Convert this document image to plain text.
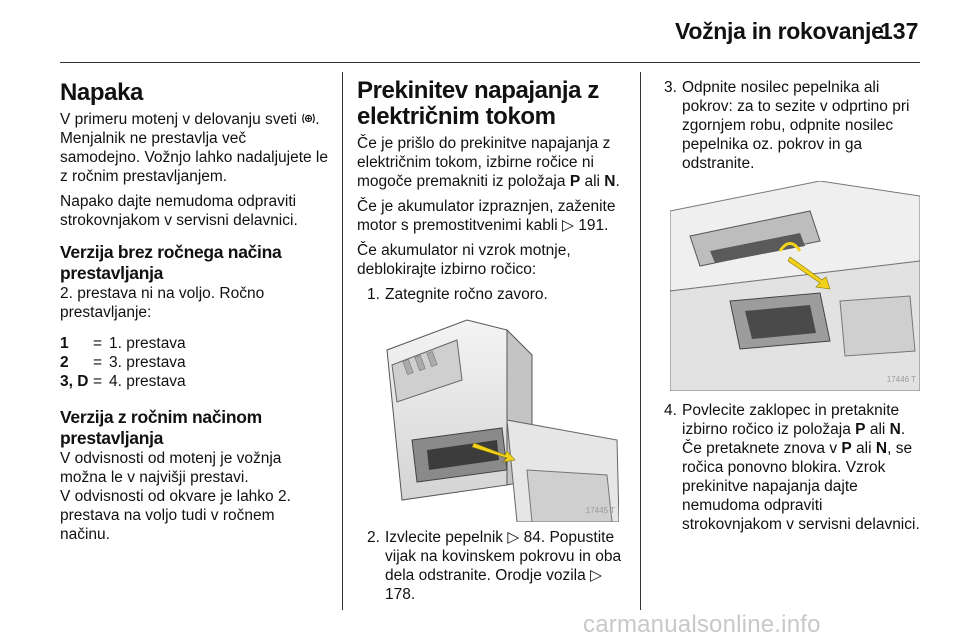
Vožnja in rokovanje
137
Napaka

V primeru motenj v delovanju sveti . Menjalnik ne prestavlja več samodejno. Vožnjo lahko nadaljujete le z ročnim prestavljanjem.

Napako dajte nemudoma odpraviti strokovnjakom v servisni delavnici.

Verzija brez ročnega načina prestavljanja

2. prestava ni na voljo. Ročno prestavljanje:

1	= 1. prestava
2	= 3. prestava
3, D = 4. prestava
Verzija z ročnim načinom prestavljanja

V odvisnosti od motenj je vožnja možna le v najvišji prestavi.

V odvisnosti od okvare je lahko 2. prestava na voljo tudi v ročnem načinu.

Prekinitev napajanja z električnim tokom

Če je prišlo do prekinitve napajanja z električnim tokom, izbirne ročice ni mogoče premakniti iz položaja P ali N.

Če je akumulator izpraznjen, zaženite motor s premostitvenimi kabli ▷ 191.

Če akumulator ni vzrok motnje, deblokirajte izbirno ročico:

1. Zategnite ročno zavoro.
17445 T
2. Izvlecite pepelnik ▷ 84. Popustite vijak na kovinskem pokrovu in oba dela odstranite. Orodje vozila ▷ 178.
3. Odpnite nosilec pepelnika ali pokrov: za to sezite v odprtino pri zgornjem robu, odpnite nosilec pepelnika oz. pokrov in ga odstranite.
17446 T
4. Povlecite zaklopec in pretaknite izbirno ročico iz položaja P ali N. Če pretaknete znova v P ali N, se ročica ponovno blokira. Vzrok prekinitve napajanja dajte nemudoma odpraviti strokovnjakom v servisni delavnici.
carmanualsonline.info
